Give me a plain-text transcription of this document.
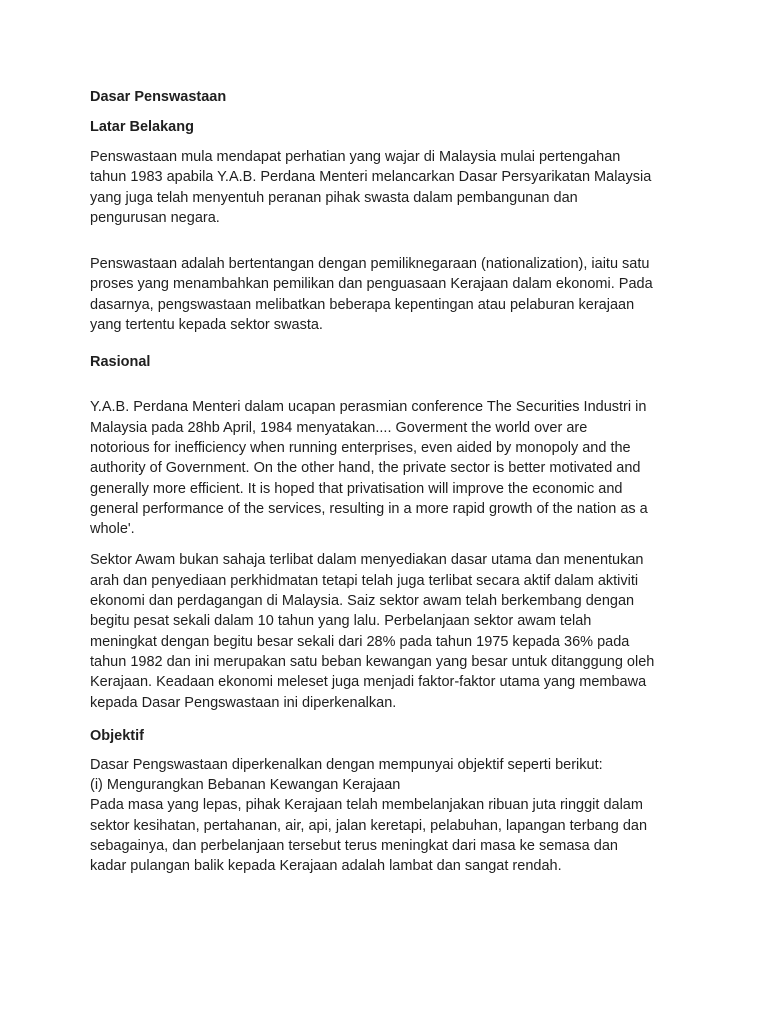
Dasar Penswastaan
Latar Belakang

Penswastaan mula mendapat perhatian yang wajar di Malaysia mulai pertengahan
tahun 1983 apabila Y.A.B. Perdana Menteri melancarkan Dasar Persyarikatan Malaysia
yang juga telah menyentuh peranan pihak swasta dalam pembangunan dan
pengurusan negara.

Penswastaan adalah bertentangan dengan pemiliknegaraan (nationalization), iaitu satu
proses yang menambahkan pemilikan dan penguasaan Kerajaan dalam ekonomi. Pada
dasarnya, pengswastaan melibatkan beberapa kepentingan atau pelaburan kerajaan
yang tertentu kepada sektor swasta.

Rasional

Y.A.B. Perdana Menteri dalam ucapan perasmian conference The Securities Industri in
Malaysia pada 28hb April, 1984 menyatakan.... Goverment the world over are
notorious for inefficiency when running enterprises, even aided by monopoly and the
authority of Government. On the other hand, the private sector is better motivated and
generally more efficient. It is hoped that privatisation will improve the economic and
general performance of the services, resulting in a more rapid growth of the nation as a
whole'.

Sektor Awam bukan sahaja terlibat dalam menyediakan dasar utama dan menentukan
arah dan penyediaan perkhidmatan tetapi telah juga terlibat secara aktif dalam aktiviti
ekonomi dan perdagangan di Malaysia. Saiz sektor awam telah berkembang dengan
begitu pesat sekali dalam 10 tahun yang lalu. Perbelanjaan sektor awam telah
meningkat dengan begitu besar sekali dari 28% pada tahun 1975 kepada 36% pada
tahun 1982 dan ini merupakan satu beban kewangan yang besar untuk ditanggung oleh
Kerajaan. Keadaan ekonomi meleset juga menjadi faktor-faktor utama yang membawa
kepada Dasar Pengswastaan ini diperkenalkan.

Objektif

Dasar Pengswastaan diperkenalkan dengan mempunyai objektif seperti berikut:
(i) Mengurangkan Bebanan Kewangan Kerajaan
Pada masa yang lepas, pihak Kerajaan telah membelanjakan ribuan juta ringgit dalam
sektor kesihatan, pertahanan, air, api, jalan keretapi, pelabuhan, lapangan terbang dan
sebagainya, dan perbelanjaan tersebut terus meningkat dari masa ke semasa dan
kadar pulangan balik kepada Kerajaan adalah lambat dan sangat rendah.
